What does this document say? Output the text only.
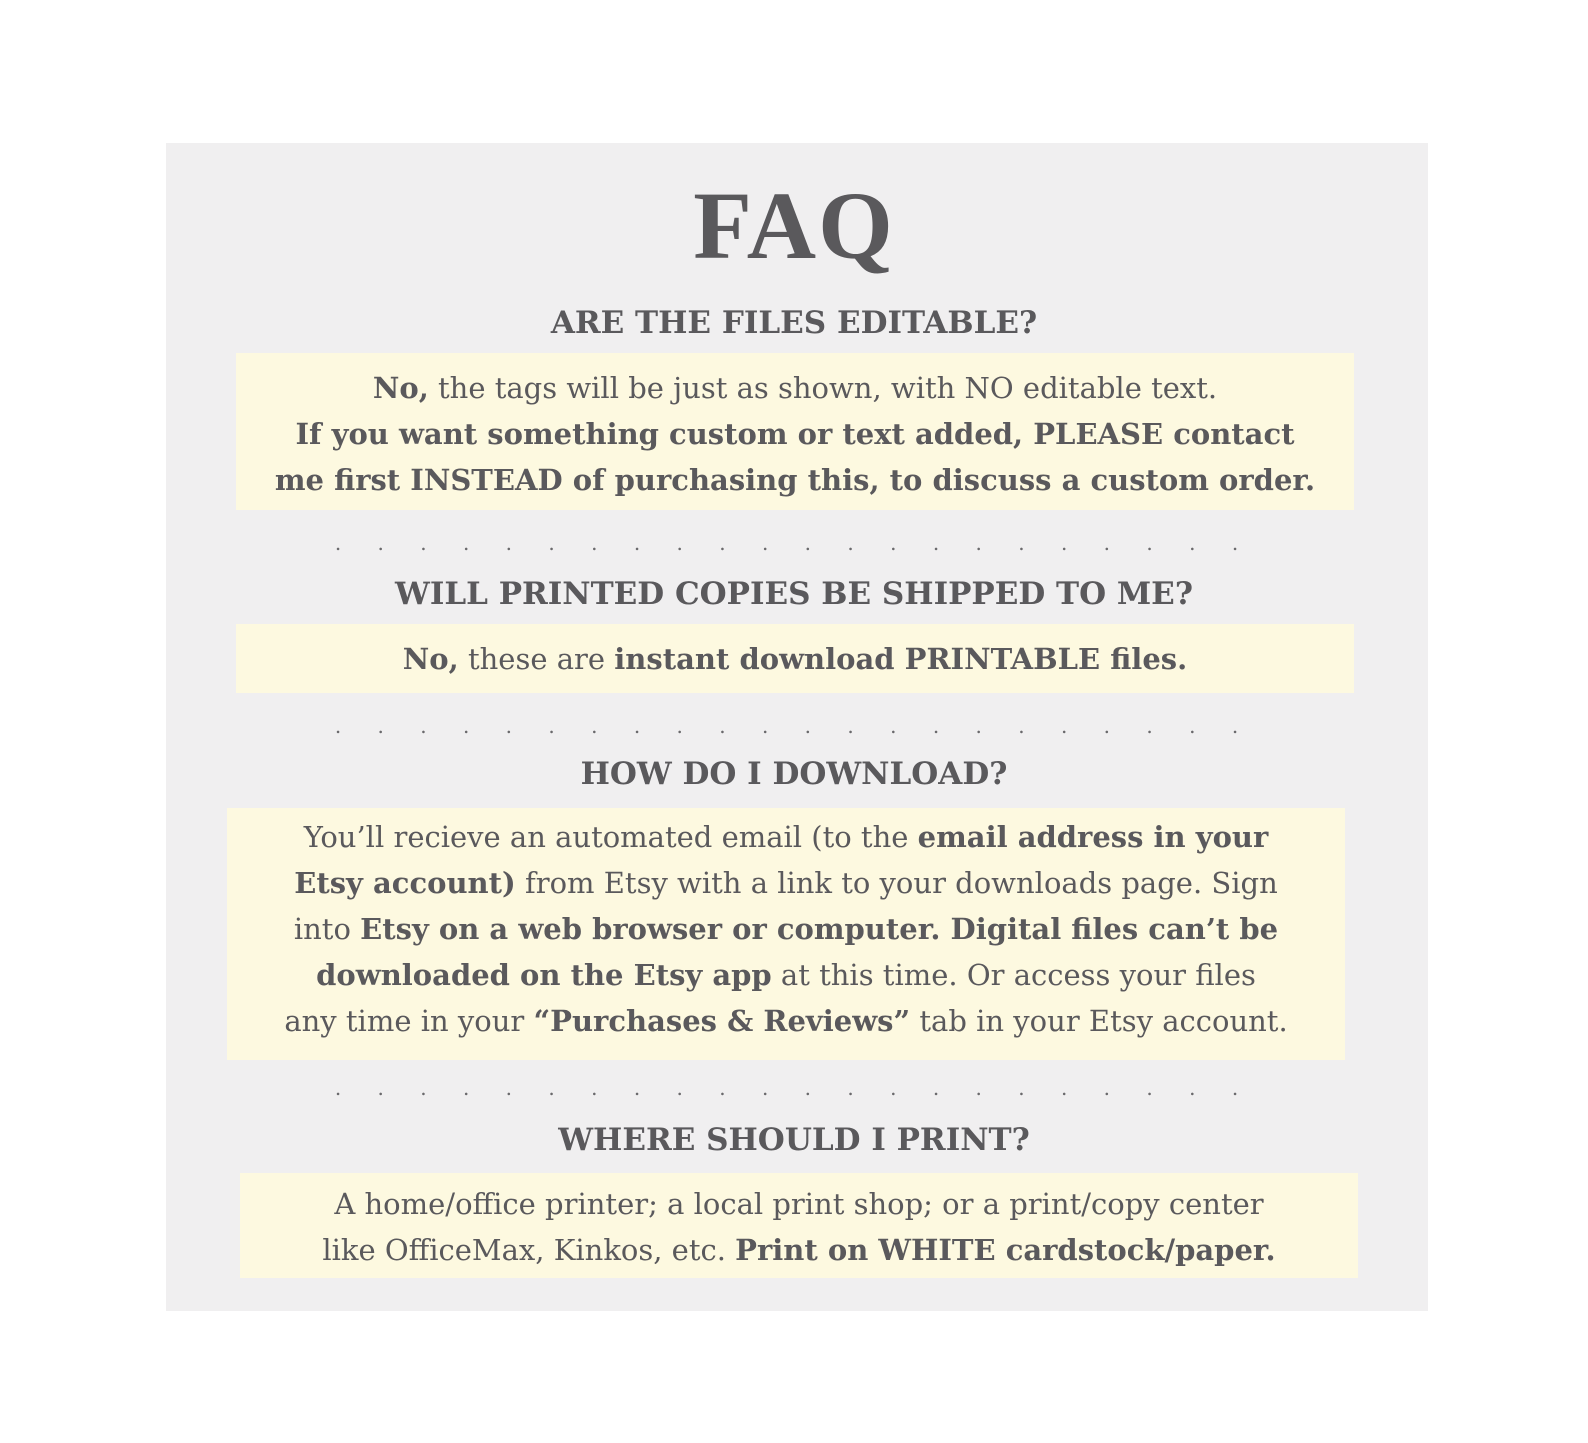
FAQ
ARE THE FILES EDITABLE?
No, the tags will be just as shown, with NO editable text.
If you want something custom or text added, PLEASE contact
me first INSTEAD of purchasing this, to discuss a custom order.
. . . . . . . . . . . . . . . . . . . . . .
WILL PRINTED COPIES BE SHIPPED TO ME?
No, these are instant download PRINTABLE files.
. . . . . . . . . . . . . . . . . . . . . .
HOW DO I DOWNLOAD?
You’ll recieve an automated email (to the email address in your
Etsy account) from Etsy with a link to your downloads page. Sign
into Etsy on a web browser or computer. Digital files can’t be
downloaded on the Etsy app at this time. Or access your files
any time in your “Purchases & Reviews” tab in your Etsy account.
. . . . . . . . . . . . . . . . . . . . . .
WHERE SHOULD I PRINT?
A home/office printer; a local print shop; or a print/copy center
like OfficeMax, Kinkos, etc. Print on WHITE cardstock/paper.
